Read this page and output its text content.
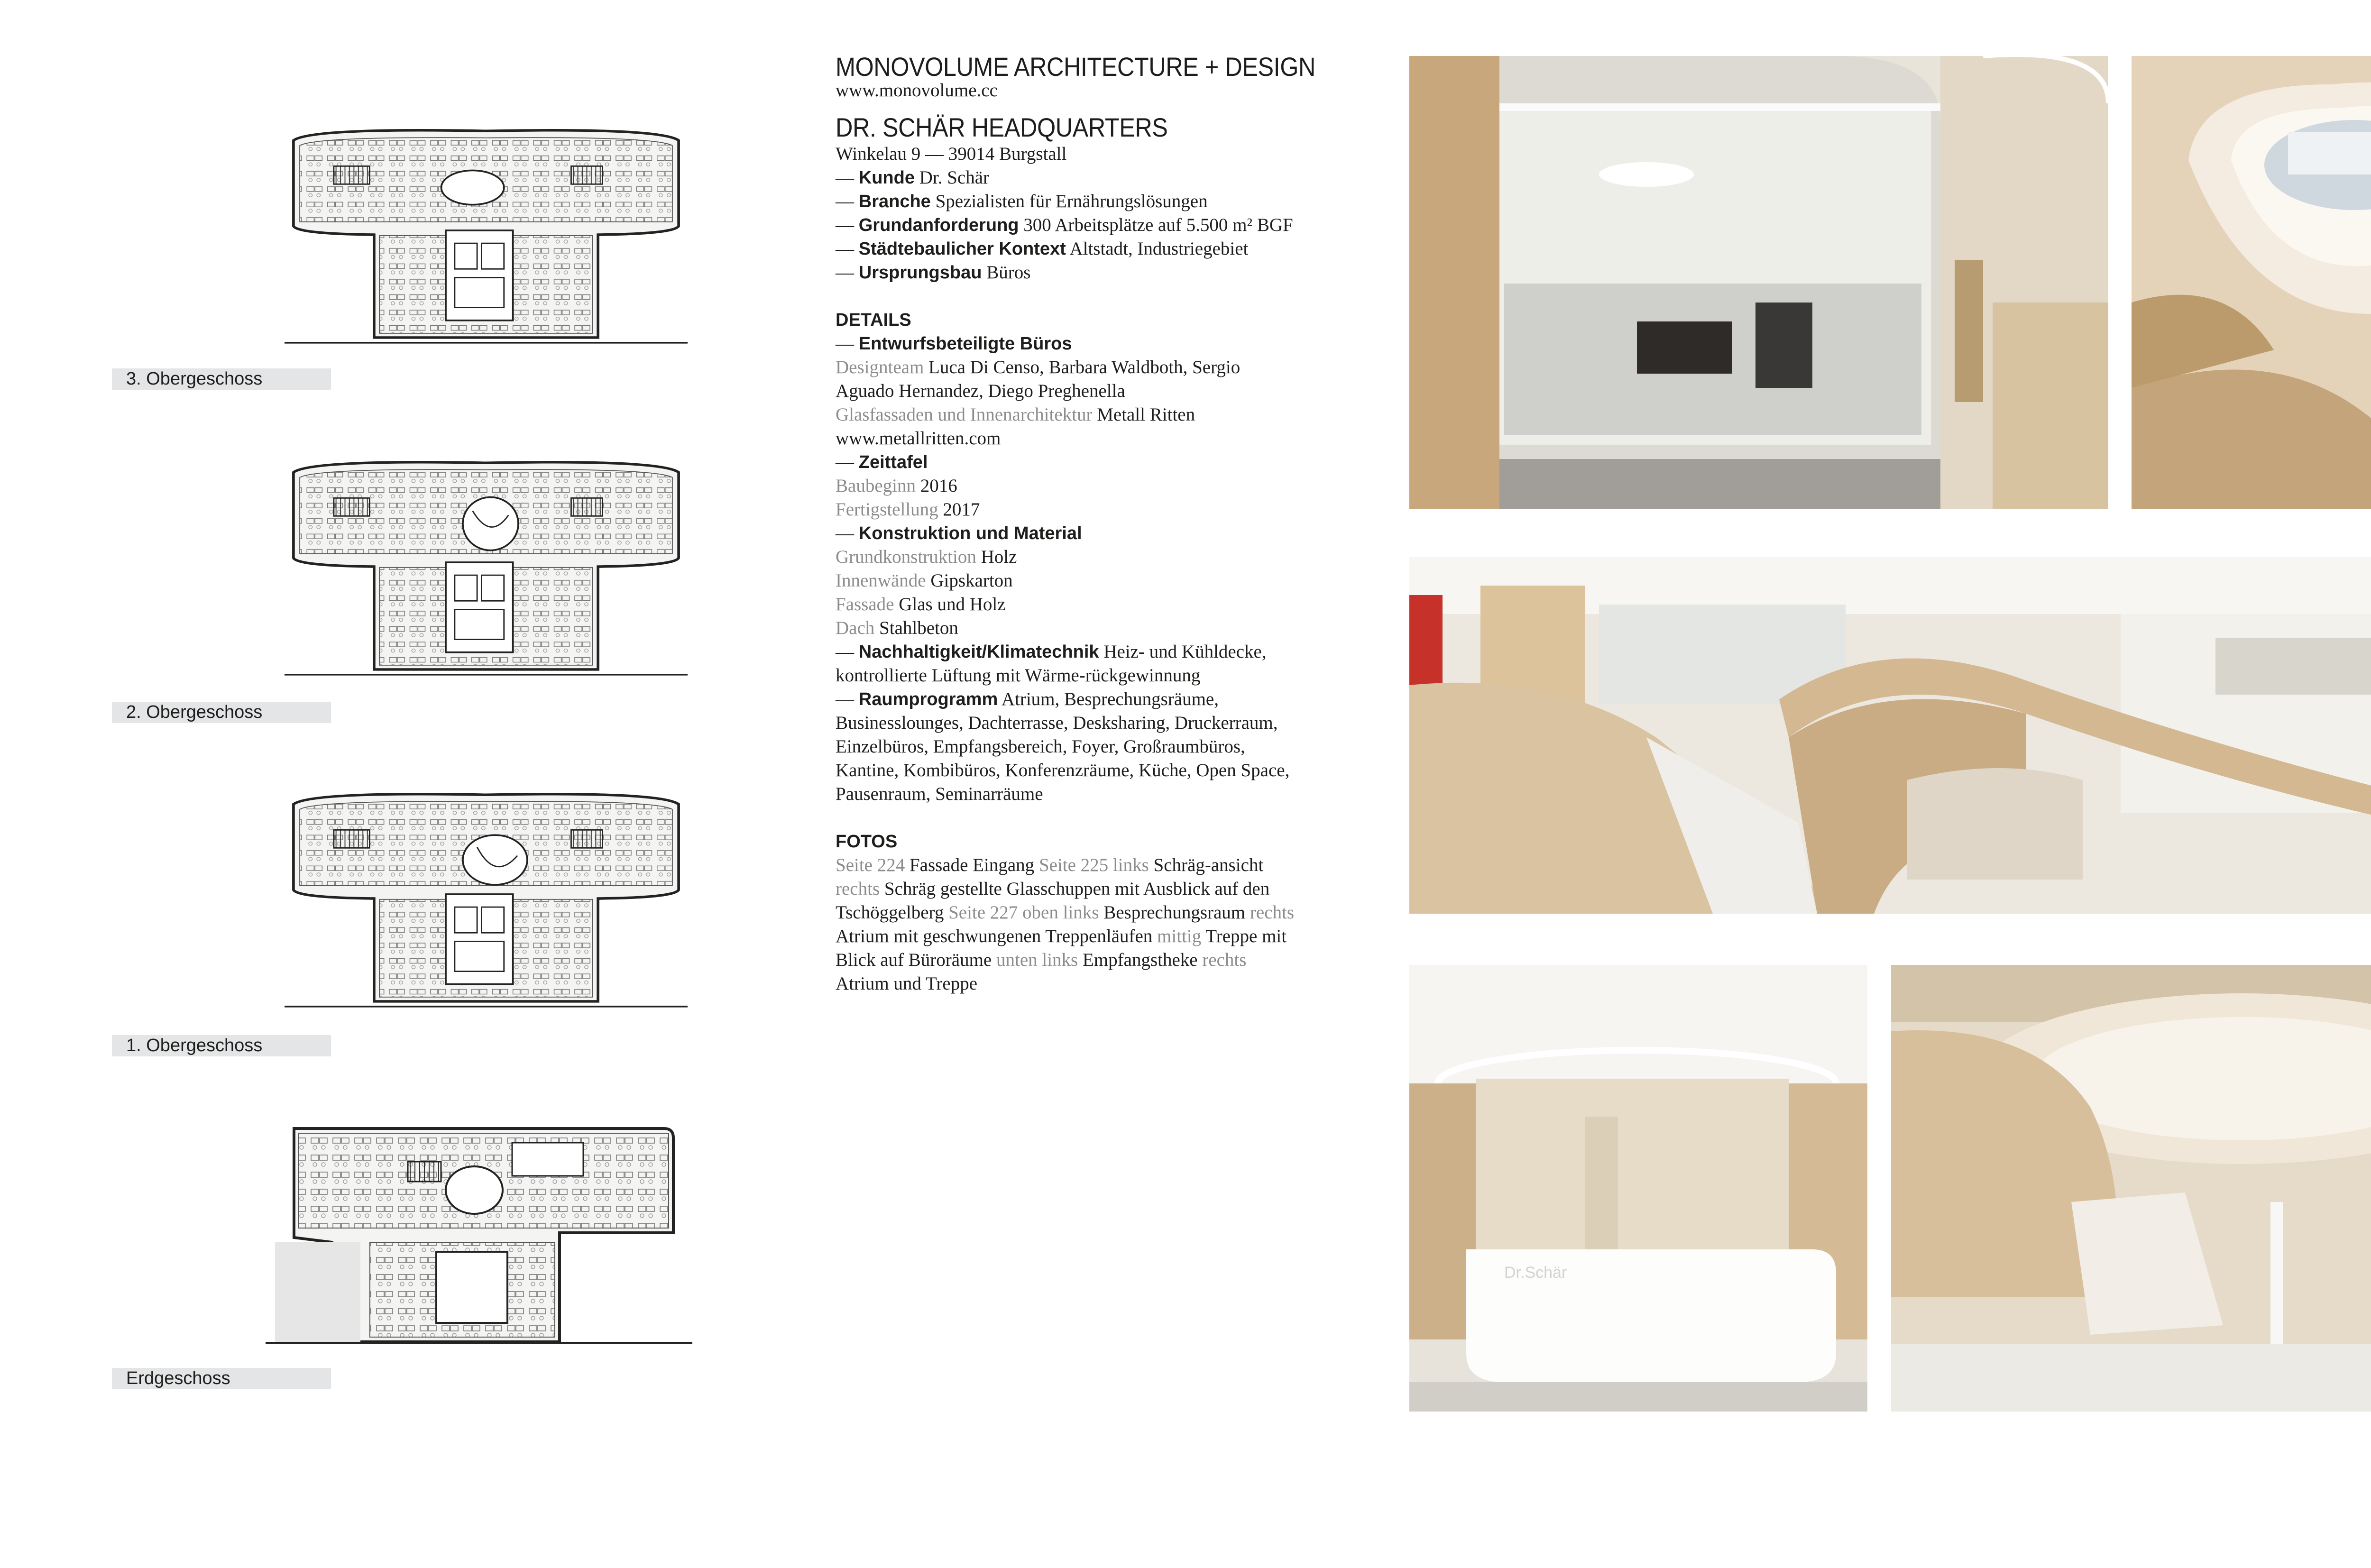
3. Obergeschoss
2. Obergeschoss
1. Obergeschoss
Erdgeschoss
MONOVOLUME ARCHITECTURE + DESIGN
www.monovolume.cc
DR. SCHÄR HEADQUARTERS
Winkelau 9 — 39014 Burgstall
— Kunde Dr. Schär
— Branche Spezialisten für Ernährungslösungen
— Grundanforderung 300 Arbeitsplätze auf 5.500 m² BGF
— Städtebaulicher Kontext Altstadt, Industriegebiet
— Ursprungsbau Büros
DETAILS
— Entwurfsbeteiligte Büros
Designteam Luca Di Censo, Barbara Waldboth, Sergio Aguado Hernandez, Diego Preghenella
Glasfassaden und Innenarchitektur Metall Ritten
www.metallritten.com
— Zeittafel
Baubeginn 2016
Fertigstellung 2017
— Konstruktion und Material
Grundkonstruktion Holz
Innenwände Gipskarton
Fassade Glas und Holz
Dach Stahlbeton
— Nachhaltigkeit/Klimatechnik Heiz- und Kühldecke, kontrollierte Lüftung mit Wärme-rückgewinnung
— Raumprogramm Atrium, Besprechungsräume, Businesslounges, Dachterrasse, Desksharing, Druckerraum, Einzelbüros, Empfangsbereich, Foyer, Großraumbüros, Kantine, Kombibüros, Konferenzräume, Küche, Open Space, Pausenraum, Seminarräume
FOTOS
Seite 224 Fassade Eingang Seite 225 links Schräg-ansicht rechts Schräg gestellte Glasschuppen mit Ausblick auf den Tschöggelberg Seite 227 oben links Besprechungsraum rechts Atrium mit geschwungenen Treppenläufen mittig Treppe mit Blick auf Büroräume unten links Empfangstheke rechts Atrium und Treppe
Dr.Schär
